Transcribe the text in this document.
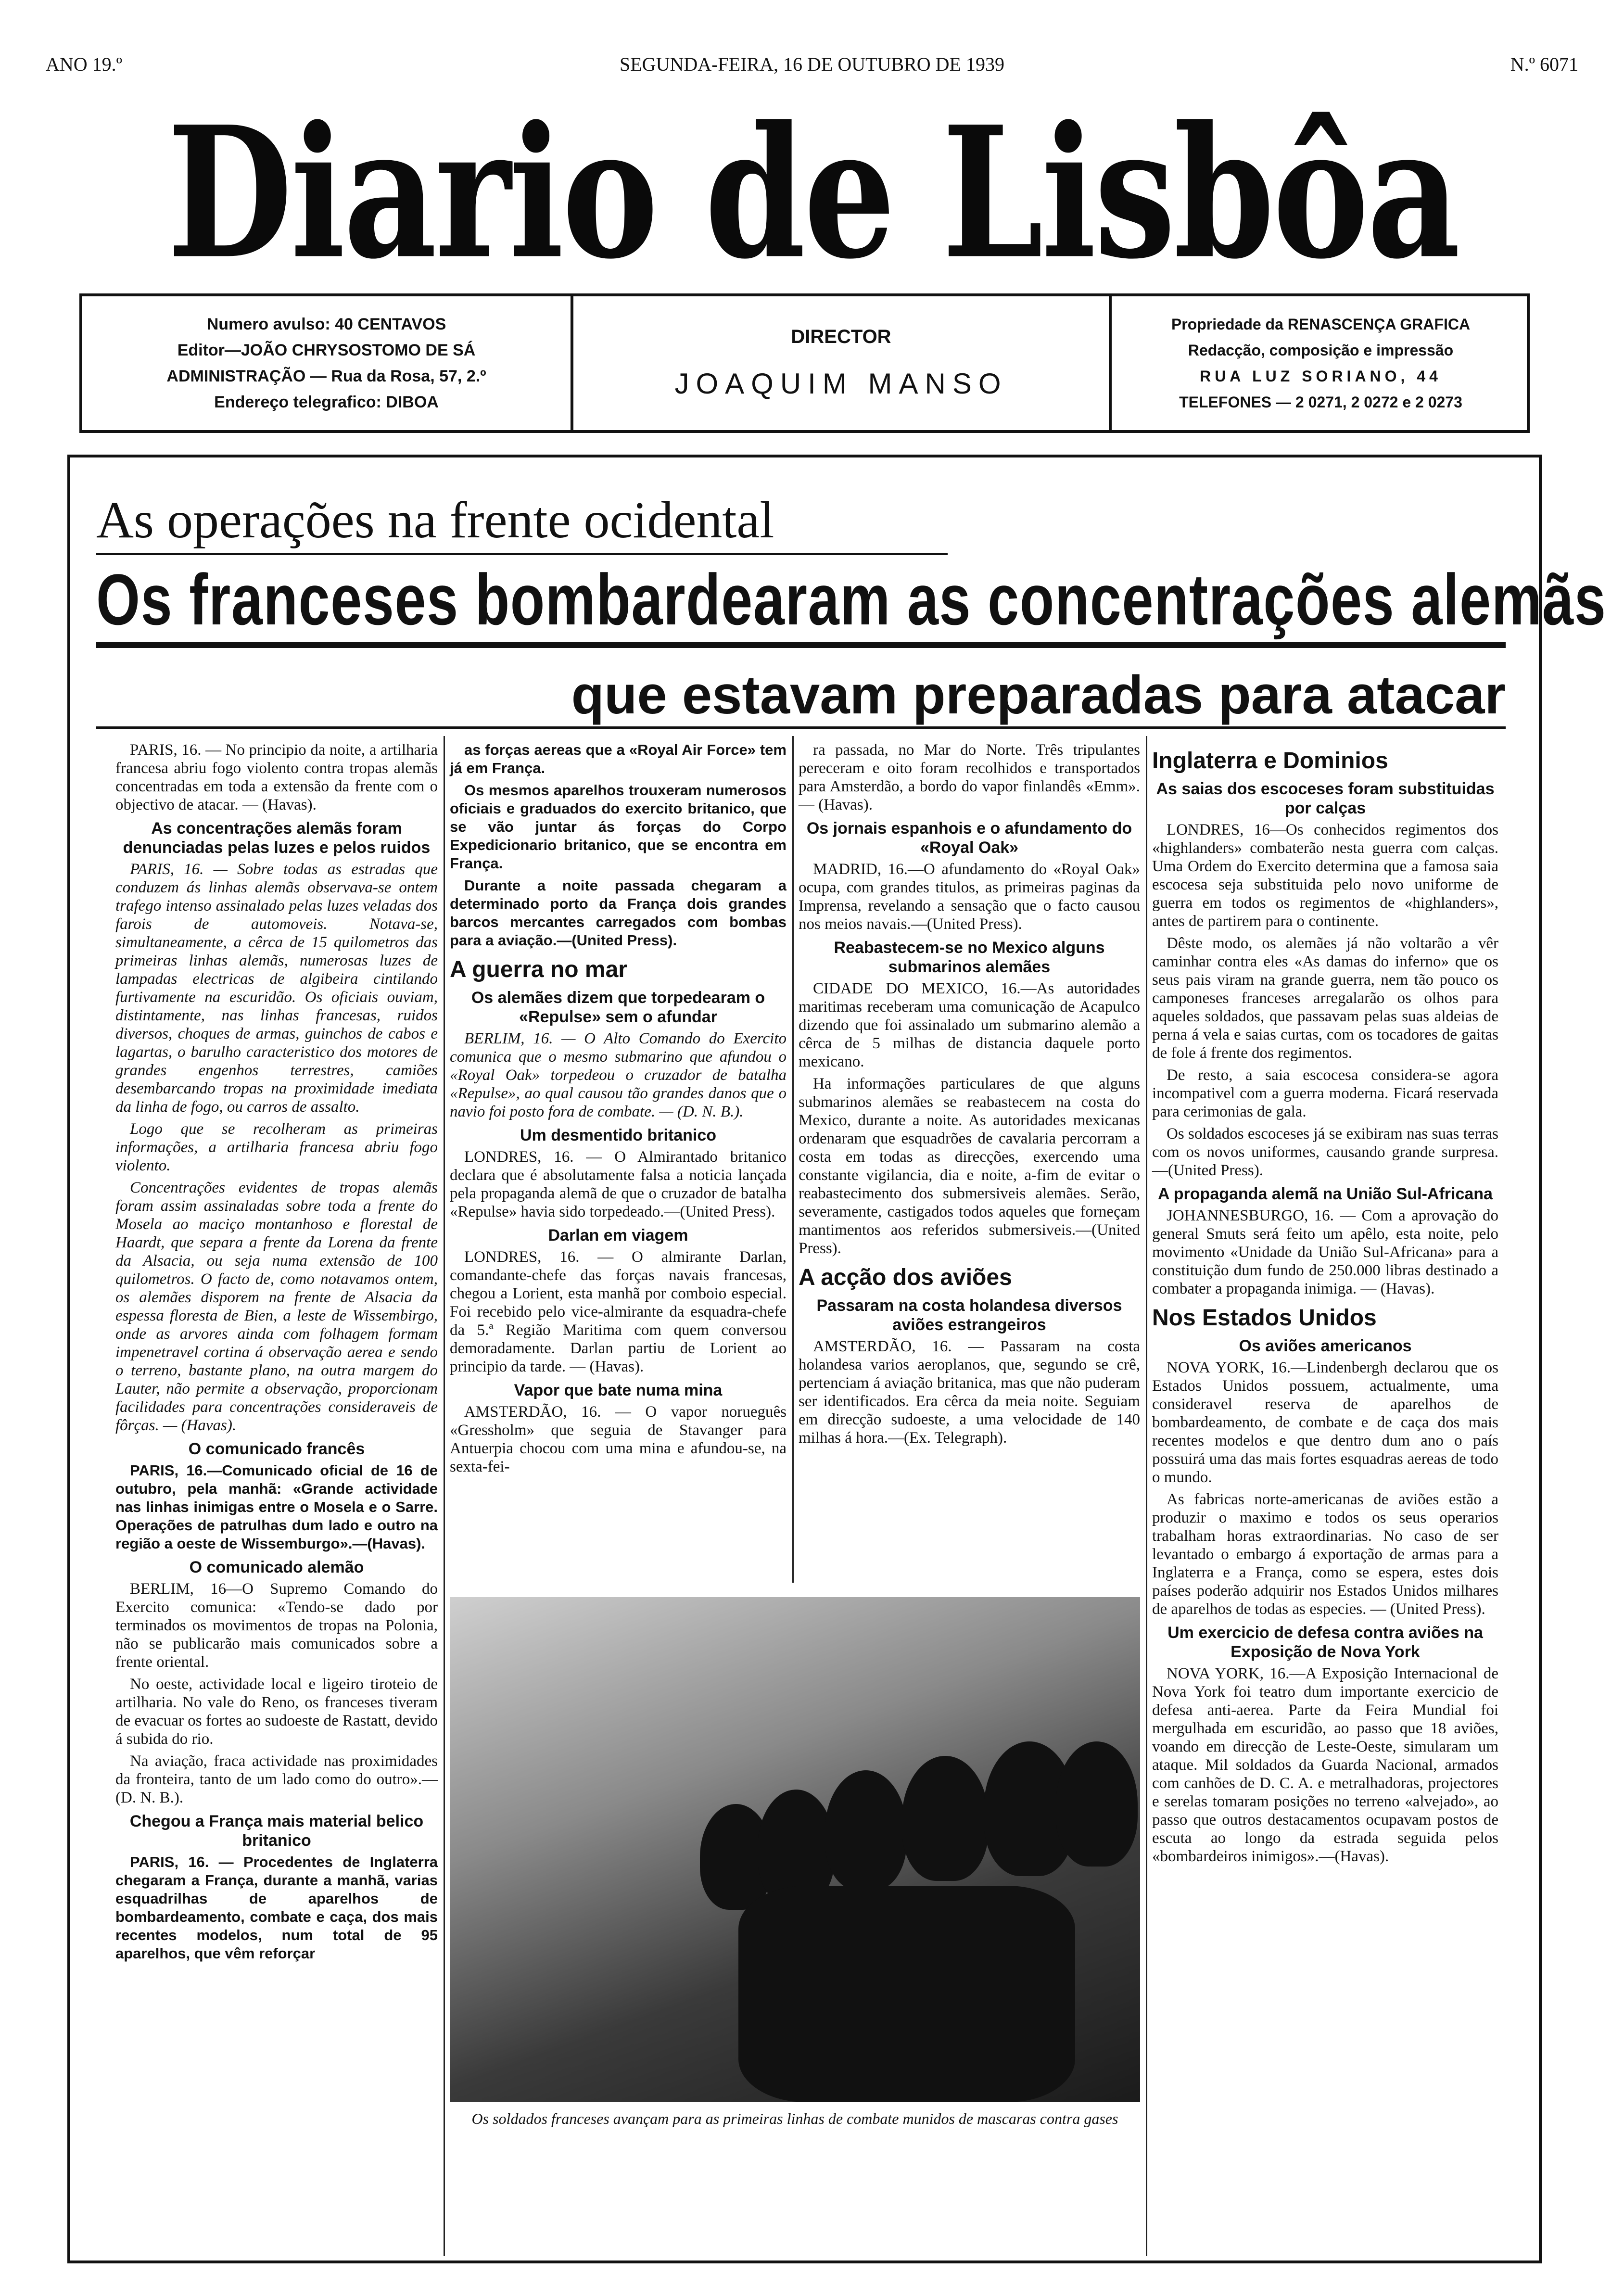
ANO 19.º	SEGUNDA-FEIRA, 16 DE OUTUBRO DE 1939	N.º 6071
Diario de Lisbôa
Numero avulso: 40 CENTAVOS
Editor—JOÃO CHRYSOSTOMO DE SÁ
ADMINISTRAÇÃO — Rua da Rosa, 57, 2.º
Endereço telegrafico: DIBOA
DIRECTOR
JOAQUIM MANSO
Propriedade da RENASCENÇA GRAFICA
Redacção, composição e impressão
RUA LUZ SORIANO, 44
TELEFONES — 2 0271, 2 0272 e 2 0273
As operações na frente ocidental
Os franceses bombardearam as concentrações alemãs
que estavam preparadas para atacar

PARIS, 16. — No principio da noite, a artilharia francesa abriu fogo violento contra tropas alemãs concentradas em toda a extensão da frente com o objectivo de atacar. — (Havas).

As concentrações alemãs foram denunciadas pelas luzes e pelos ruidos

PARIS, 16. — Sobre todas as estradas que conduzem ás linhas alemãs observava-se ontem trafego intenso assinalado pelas luzes veladas dos farois de automoveis. Notava-se, simultaneamente, a cêrca de 15 quilometros das primeiras linhas alemãs, numerosas luzes de lampadas electricas de algibeira cintilando furtivamente na escuridão. Os oficiais ouviam, distintamente, nas linhas francesas, ruidos diversos, choques de armas, guinchos de cabos e lagartas, o barulho caracteristico dos motores de grandes engenhos terrestres, camiões desembarcando tropas na proximidade imediata da linha de fogo, ou carros de assalto.

Logo que se recolheram as primeiras informações, a artilharia francesa abriu fogo violento.

Concentrações evidentes de tropas alemãs foram assim assinaladas sobre toda a frente do Mosela ao maciço montanhoso e florestal de Haardt, que separa a frente da Lorena da frente da Alsacia, ou seja numa extensão de 100 quilometros. O facto de, como notavamos ontem, os alemães disporem na frente de Alsacia da espessa floresta de Bien, a leste de Wissembirgo, onde as arvores ainda com folhagem formam impenetravel cortina á observação aerea e sendo o terreno, bastante plano, na outra margem do Lauter, não permite a observação, proporcionam facilidades para concentrações consideraveis de fôrças. — (Havas).

O comunicado francês

PARIS, 16.—Comunicado oficial de 16 de outubro, pela manhã: «Grande actividade nas linhas inimigas entre o Mosela e o Sarre. Operações de patrulhas dum lado e outro na região a oeste de Wissemburgo».—(Havas).

O comunicado alemão

BERLIM, 16—O Supremo Comando do Exercito comunica: «Tendo-se dado por terminados os movimentos de tropas na Polonia, não se publicarão mais comunicados sobre a frente oriental.

No oeste, actividade local e ligeiro tiroteio de artilharia. No vale do Reno, os franceses tiveram de evacuar os fortes ao sudoeste de Rastatt, devido á subida do rio.

Na aviação, fraca actividade nas proximidades da fronteira, tanto de um lado como do outro».—(D. N. B.).

Chegou a França mais material belico britanico

PARIS, 16. — Procedentes de Inglaterra chegaram a França, durante a manhã, varias esquadrilhas de aparelhos de bombardeamento, combate e caça, dos mais recentes modelos, num total de 95 aparelhos, que vêm reforçar

as forças aereas que a «Royal Air Force» tem já em França.

Os mesmos aparelhos trouxeram numerosos oficiais e graduados do exercito britanico, que se vão juntar ás forças do Corpo Expedicionario britanico, que se encontra em França.

Durante a noite passada chegaram a determinado porto da França dois grandes barcos mercantes carregados com bombas para a aviação.—(United Press).

A guerra no mar
Os alemães dizem que torpedearam o «Repulse» sem o afundar

BERLIM, 16. — O Alto Comando do Exercito comunica que o mesmo submarino que afundou o «Royal Oak» torpedeou o cruzador de batalha «Repulse», ao qual causou tão grandes danos que o navio foi posto fora de combate. — (D. N. B.).

Um desmentido britanico

LONDRES, 16. — O Almirantado britanico declara que é absolutamente falsa a noticia lançada pela propaganda alemã de que o cruzador de batalha «Repulse» havia sido torpedeado.—(United Press).

Darlan em viagem

LONDRES, 16. — O almirante Darlan, comandante-chefe das forças navais francesas, chegou a Lorient, esta manhã por comboio especial. Foi recebido pelo vice-almirante da esquadra-chefe da 5.ª Região Maritima com quem conversou demoradamente. Darlan partiu de Lorient ao principio da tarde. — (Havas).

Vapor que bate numa mina

AMSTERDÃO, 16. — O vapor norueguês «Gressholm» que seguia de Stavanger para Antuerpia chocou com uma mina e afundou-se, na sexta-fei-

ra passada, no Mar do Norte. Três tripulantes pereceram e oito foram recolhidos e transportados para Amsterdão, a bordo do vapor finlandês «Emm». — (Havas).

Os jornais espanhois e o afundamento do «Royal Oak»

MADRID, 16.—O afundamento do «Royal Oak» ocupa, com grandes titulos, as primeiras paginas da Imprensa, revelando a sensação que o facto causou nos meios navais.—(United Press).

Reabastecem-se no Mexico alguns submarinos alemães

CIDADE DO MEXICO, 16.—As autoridades maritimas receberam uma comunicação de Acapulco dizendo que foi assinalado um submarino alemão a cêrca de 5 milhas de distancia daquele porto mexicano.

Ha informações particulares de que alguns submarinos alemães se reabastecem na costa do Mexico, durante a noite. As autoridades mexicanas ordenaram que esquadrões de cavalaria percorram a costa em todas as direcções, exercendo uma constante vigilancia, dia e noite, a-fim de evitar o reabastecimento dos submersiveis alemães. Serão, severamente, castigados todos aqueles que forneçam mantimentos aos referidos submersiveis.—(United Press).

A acção dos aviões
Passaram na costa holandesa diversos aviões estrangeiros

AMSTERDÃO, 16. — Passaram na costa holandesa varios aeroplanos, que, segundo se crê, pertenciam á aviação britanica, mas que não puderam ser identificados. Era cêrca da meia noite. Seguiam em direcção sudoeste, a uma velocidade de 140 milhas á hora.—(Ex. Telegraph).

Inglaterra e Dominios
As saias dos escoceses foram substituidas por calças

LONDRES, 16—Os conhecidos regimentos dos «highlanders» combaterão nesta guerra com calças. Uma Ordem do Exercito determina que a famosa saia escocesa seja substituida pelo novo uniforme de guerra em todos os regimentos de «highlanders», antes de partirem para o continente.

Dêste modo, os alemães já não voltarão a vêr caminhar contra eles «As damas do inferno» que os seus pais viram na grande guerra, nem tão pouco os camponeses franceses arregalarão os olhos para aqueles soldados, que passavam pelas suas aldeias de perna á vela e saias curtas, com os tocadores de gaitas de fole á frente dos regimentos.

De resto, a saia escocesa considera-se agora incompativel com a guerra moderna. Ficará reservada para cerimonias de gala.

Os soldados escoceses já se exibiram nas suas terras com os novos uniformes, causando grande surpresa.—(United Press).

A propaganda alemã na União Sul-Africana

JOHANNESBURGO, 16. — Com a aprovação do general Smuts será feito um apêlo, esta noite, pelo movimento «Unidade da União Sul-Africana» para a constituição dum fundo de 250.000 libras destinado a combater a propaganda inimiga. — (Havas).

Nos Estados Unidos
Os aviões americanos

NOVA YORK, 16.—Lindenbergh declarou que os Estados Unidos possuem, actualmente, uma consideravel reserva de aparelhos de bombardeamento, de combate e de caça dos mais recentes modelos e que dentro dum ano o país possuirá uma das mais fortes esquadras aereas de todo o mundo.

As fabricas norte-americanas de aviões estão a produzir o maximo e todos os seus operarios trabalham horas extraordinarias. No caso de ser levantado o embargo á exportação de armas para a Inglaterra e a França, como se espera, estes dois países poderão adquirir nos Estados Unidos milhares de aparelhos de todas as especies. — (United Press).

Um exercicio de defesa contra aviões na Exposição de Nova York

NOVA YORK, 16.—A Exposição Internacional de Nova York foi teatro dum importante exercicio de defesa anti-aerea. Parte da Feira Mundial foi mergulhada em escuridão, ao passo que 18 aviões, voando em direcção de Leste-Oeste, simularam um ataque. Mil soldados da Guarda Nacional, armados com canhões de D. C. A. e metralhadoras, projectores e serelas tomaram posições no terreno «alvejado», ao passo que outros destacamentos ocupavam postos de escuta ao longo da estrada seguida pelos «bombardeiros inimigos».—(Havas).

Os soldados franceses avançam para as primeiras linhas de combate munidos de mascaras contra gases
